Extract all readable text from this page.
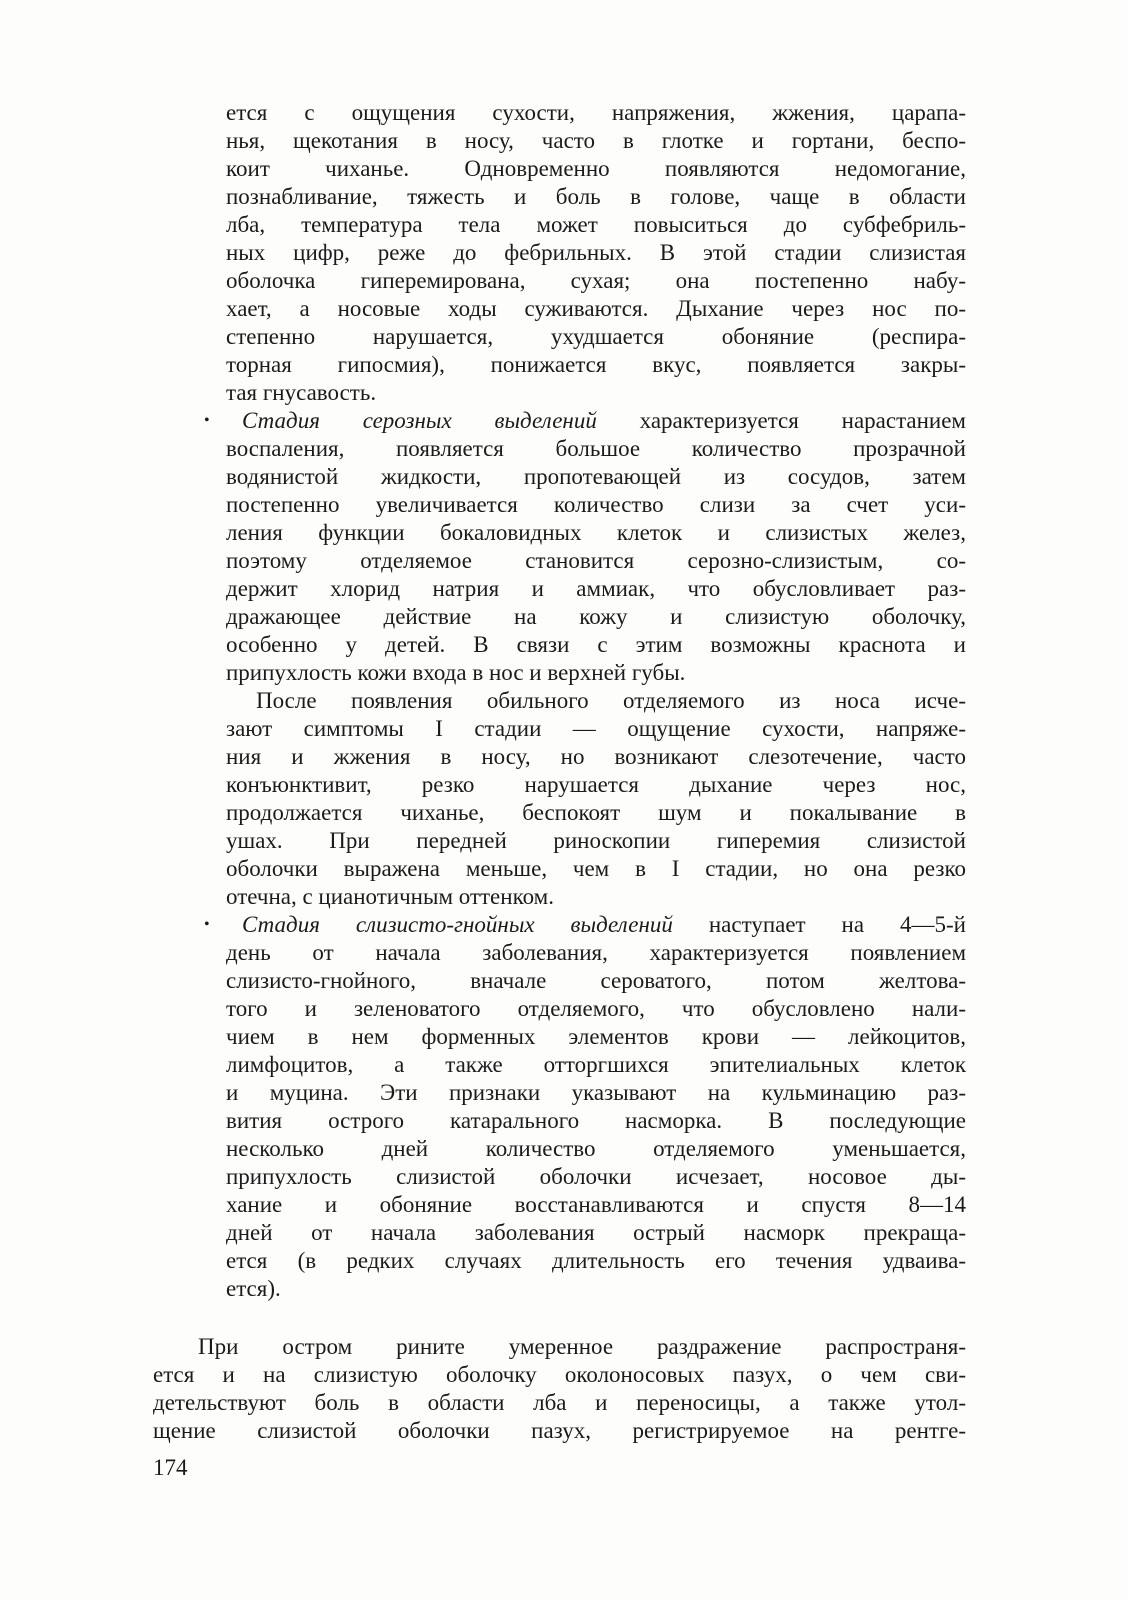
ется с ощущения сухости, напряжения, жжения, царапа-
нья, щекотания в носу, часто в глотке и гортани, беспо-
коит чиханье. Одновременно появляются недомогание,
познабливание, тяжесть и боль в голове, чаще в области
лба, температура тела может повыситься до субфебриль-
ных цифр, реже до фебрильных. В этой стадии слизистая
оболочка гиперемирована, сухая; она постепенно набу-
хает, а носовые ходы суживаются. Дыхание через нос по-
степенно нарушается, ухудшается обоняние (респира-
торная гипосмия), понижается вкус, появляется закры-
тая гнусавость.
• Стадия серозных выделений характеризуется нарастанием
воспаления, появляется большое количество прозрачной
водянистой жидкости, пропотевающей из сосудов, затем
постепенно увеличивается количество слизи за счет уси-
ления функции бокаловидных клеток и слизистых желез,
поэтому отделяемое становится серозно-слизистым, со-
держит хлорид натрия и аммиак, что обусловливает раз-
дражающее действие на кожу и слизистую оболочку,
особенно у детей. В связи с этим возможны краснота и
припухлость кожи входа в нос и верхней губы.
После появления обильного отделяемого из носа исче-
зают симптомы I стадии — ощущение сухости, напряже-
ния и жжения в носу, но возникают слезотечение, часто
конъюнктивит, резко нарушается дыхание через нос,
продолжается чиханье, беспокоят шум и покалывание в
ушах. При передней риноскопии гиперемия слизистой
оболочки выражена меньше, чем в I стадии, но она резко
отечна, с цианотичным оттенком.
• Стадия слизисто-гнойных выделений наступает на 4—5-й
день от начала заболевания, характеризуется появлением
слизисто-гнойного, вначале сероватого, потом желтова-
того и зеленоватого отделяемого, что обусловлено нали-
чием в нем форменных элементов крови — лейкоцитов,
лимфоцитов, а также отторгшихся эпителиальных клеток
и муцина. Эти признаки указывают на кульминацию раз-
вития острого катарального насморка. В последующие
несколько дней количество отделяемого уменьшается,
припухлость слизистой оболочки исчезает, носовое ды-
хание и обоняние восстанавливаются и спустя 8—14
дней от начала заболевания острый насморк прекраща-
ется (в редких случаях длительность его течения удваива-
ется).
При остром рините умеренное раздражение распространя-
ется и на слизистую оболочку околоносовых пазух, о чем сви-
детельствуют боль в области лба и переносицы, а также утол-
щение слизистой оболочки пазух, регистрируемое на рентге-
174
